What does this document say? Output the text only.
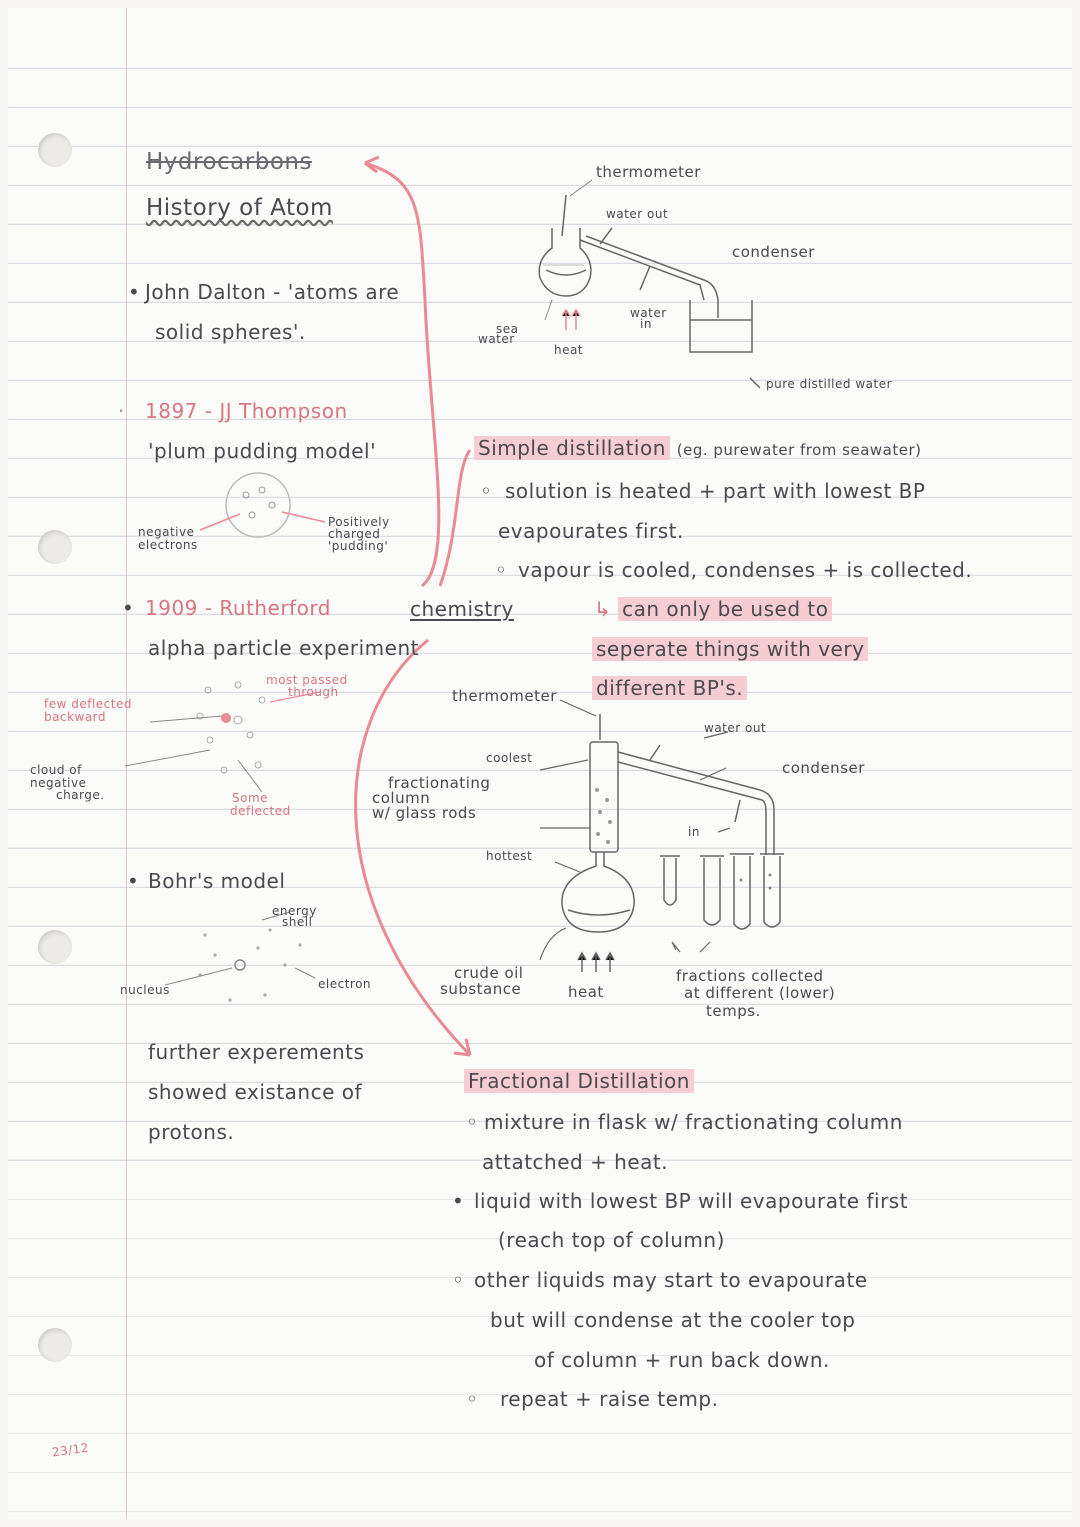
Hydrocarbons
History of Atom
• John Dalton - 'atoms are
solid spheres'.
· 1897 - JJ Thompson
'plum pudding model'
negative
electrons
Positively
charged
'pudding'
• 1909 - Rutherford
alpha particle experiment
most passed
through
few deflected
backward
cloud of
negative
charge.	Some
deflected
• Bohr's model
energy
shell
nucleus	electron
further experements
showed existance of
protons.
chemistry
thermometer
water out
condenser
water
in
sea
water
heat
pure distilled water
Simple distillation (eg. purewater from seawater)
◦ solution is heated + part with lowest BP
evapourates first.
◦ vapour is cooled, condenses + is collected.
↳ can only be used to
seperate things with very
different BP's.
thermometer
water out
coolest
condenser
fractionating
column
w/ glass rods
in
hottest
crude oil
substance	heat
fractions collected
at different (lower)
temps.
Fractional Distillation
◦ mixture in flask w/ fractionating column
attatched + heat.
• liquid with lowest BP will evapourate first
(reach top of column)
◦ other liquids may start to evapourate
but will condense at the cooler top
of column + run back down.
◦ repeat + raise temp.
23/12
